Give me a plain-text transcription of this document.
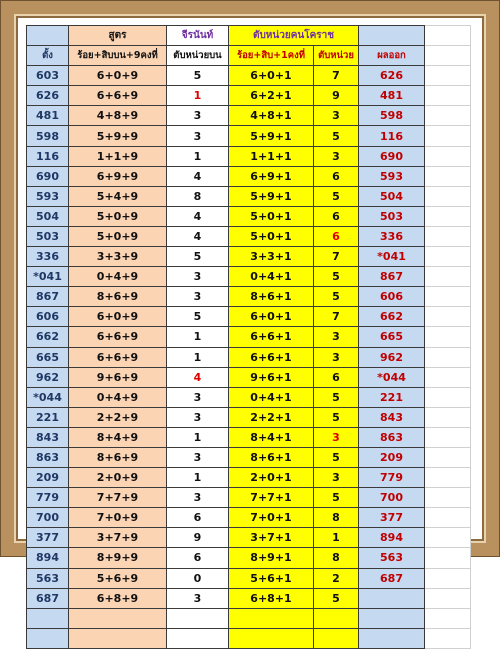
	สูตร	จีรนันท์	ตับหน่วยคนโคราช			
ตั้ง	ร้อย+สิบบน+9คงที่	ตับหน่วยบน	ร้อย+สิบ+1คงที่	ตับหน่วย	ผลออก	
603	6+0+9	5	6+0+1	7	626	
626	6+6+9	1	6+2+1	9	481	
481	4+8+9	3	4+8+1	3	598	
598	5+9+9	3	5+9+1	5	116	
116	1+1+9	1	1+1+1	3	690	
690	6+9+9	4	6+9+1	6	593	
593	5+4+9	8	5+9+1	5	504	
504	5+0+9	4	5+0+1	6	503	
503	5+0+9	4	5+0+1	6	336	
336	3+3+9	5	3+3+1	7	*041	
*041	0+4+9	3	0+4+1	5	867	
867	8+6+9	3	8+6+1	5	606	
606	6+0+9	5	6+0+1	7	662	
662	6+6+9	1	6+6+1	3	665	
665	6+6+9	1	6+6+1	3	962	
962	9+6+9	4	9+6+1	6	*044	
*044	0+4+9	3	0+4+1	5	221	
221	2+2+9	3	2+2+1	5	843	
843	8+4+9	1	8+4+1	3	863	
863	8+6+9	3	8+6+1	5	209	
209	2+0+9	1	2+0+1	3	779	
779	7+7+9	3	7+7+1	5	700	
700	7+0+9	6	7+0+1	8	377	
377	3+7+9	9	3+7+1	1	894	
894	8+9+9	6	8+9+1	8	563	
563	5+6+9	0	5+6+1	2	687	
687	6+8+9	3	6+8+1	5		
